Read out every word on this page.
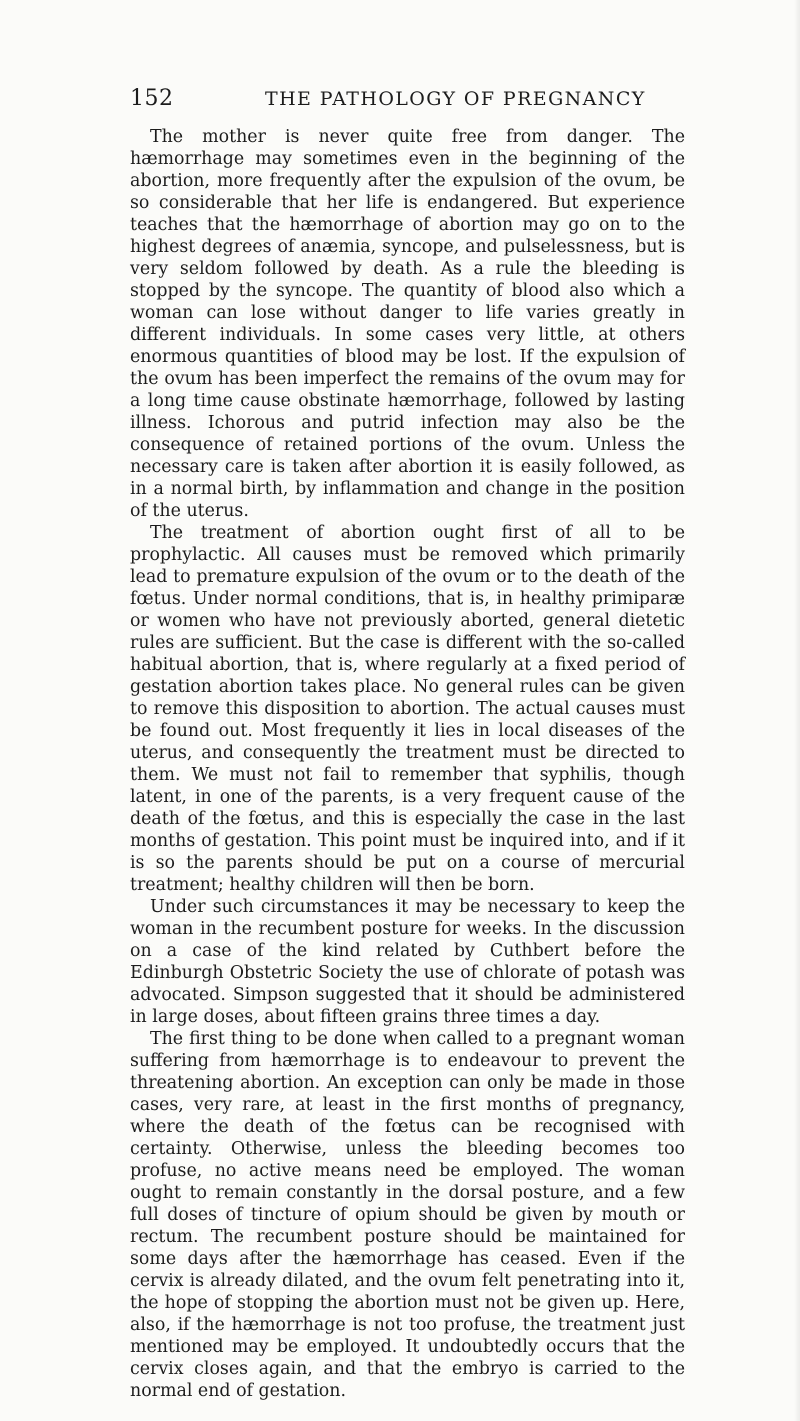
152	THE PATHOLOGY OF PREGNANCY

The mother is never quite free from danger. The hæmorrhage may sometimes even in the beginning of the abortion, more frequently after the expulsion of the ovum, be so considerable that her life is endangered. But experience teaches that the hæmorrhage of abortion may go on to the highest degrees of anæmia, syncope, and pulselessness, but is very seldom followed by death. As a rule the bleeding is stopped by the syncope. The quantity of blood also which a woman can lose without danger to life varies greatly in different individuals. In some cases very little, at others enormous quantities of blood may be lost. If the expulsion of the ovum has been imperfect the remains of the ovum may for a long time cause obstinate hæmorrhage, followed by lasting illness. Ichorous and putrid infection may also be the consequence of retained portions of the ovum. Unless the necessary care is taken after abortion it is easily followed, as in a normal birth, by inflammation and change in the position of the uterus.

The treatment of abortion ought first of all to be prophylactic. All causes must be removed which primarily lead to premature expulsion of the ovum or to the death of the fœtus. Under normal conditions, that is, in healthy primiparæ or women who have not previously aborted, general dietetic rules are sufficient. But the case is different with the so-called habitual abortion, that is, where regularly at a fixed period of gestation abortion takes place. No general rules can be given to remove this disposition to abortion. The actual causes must be found out. Most frequently it lies in local diseases of the uterus, and consequently the treatment must be directed to them. We must not fail to remember that syphilis, though latent, in one of the parents, is a very frequent cause of the death of the fœtus, and this is especially the case in the last months of gestation. This point must be inquired into, and if it is so the parents should be put on a course of mercurial treatment; healthy children will then be born.

Under such circumstances it may be necessary to keep the woman in the recumbent posture for weeks. In the discussion on a case of the kind related by Cuthbert before the Edinburgh Obstetric Society the use of chlorate of potash was advocated. Simpson suggested that it should be administered in large doses, about fifteen grains three times a day.

The first thing to be done when called to a pregnant woman suffering from hæmorrhage is to endeavour to prevent the threatening abortion. An exception can only be made in those cases, very rare, at least in the first months of pregnancy, where the death of the fœtus can be recognised with certainty. Otherwise, unless the bleeding becomes too profuse, no active means need be employed. The woman ought to remain constantly in the dorsal posture, and a few full doses of tincture of opium should be given by mouth or rectum. The recumbent posture should be maintained for some days after the hæmorrhage has ceased. Even if the cervix is already dilated, and the ovum felt penetrating into it, the hope of stopping the abortion must not be given up. Here, also, if the hæmorrhage is not too profuse, the treatment just mentioned may be employed. It undoubtedly occurs that the cervix closes again, and that the embryo is carried to the normal end of gestation.
